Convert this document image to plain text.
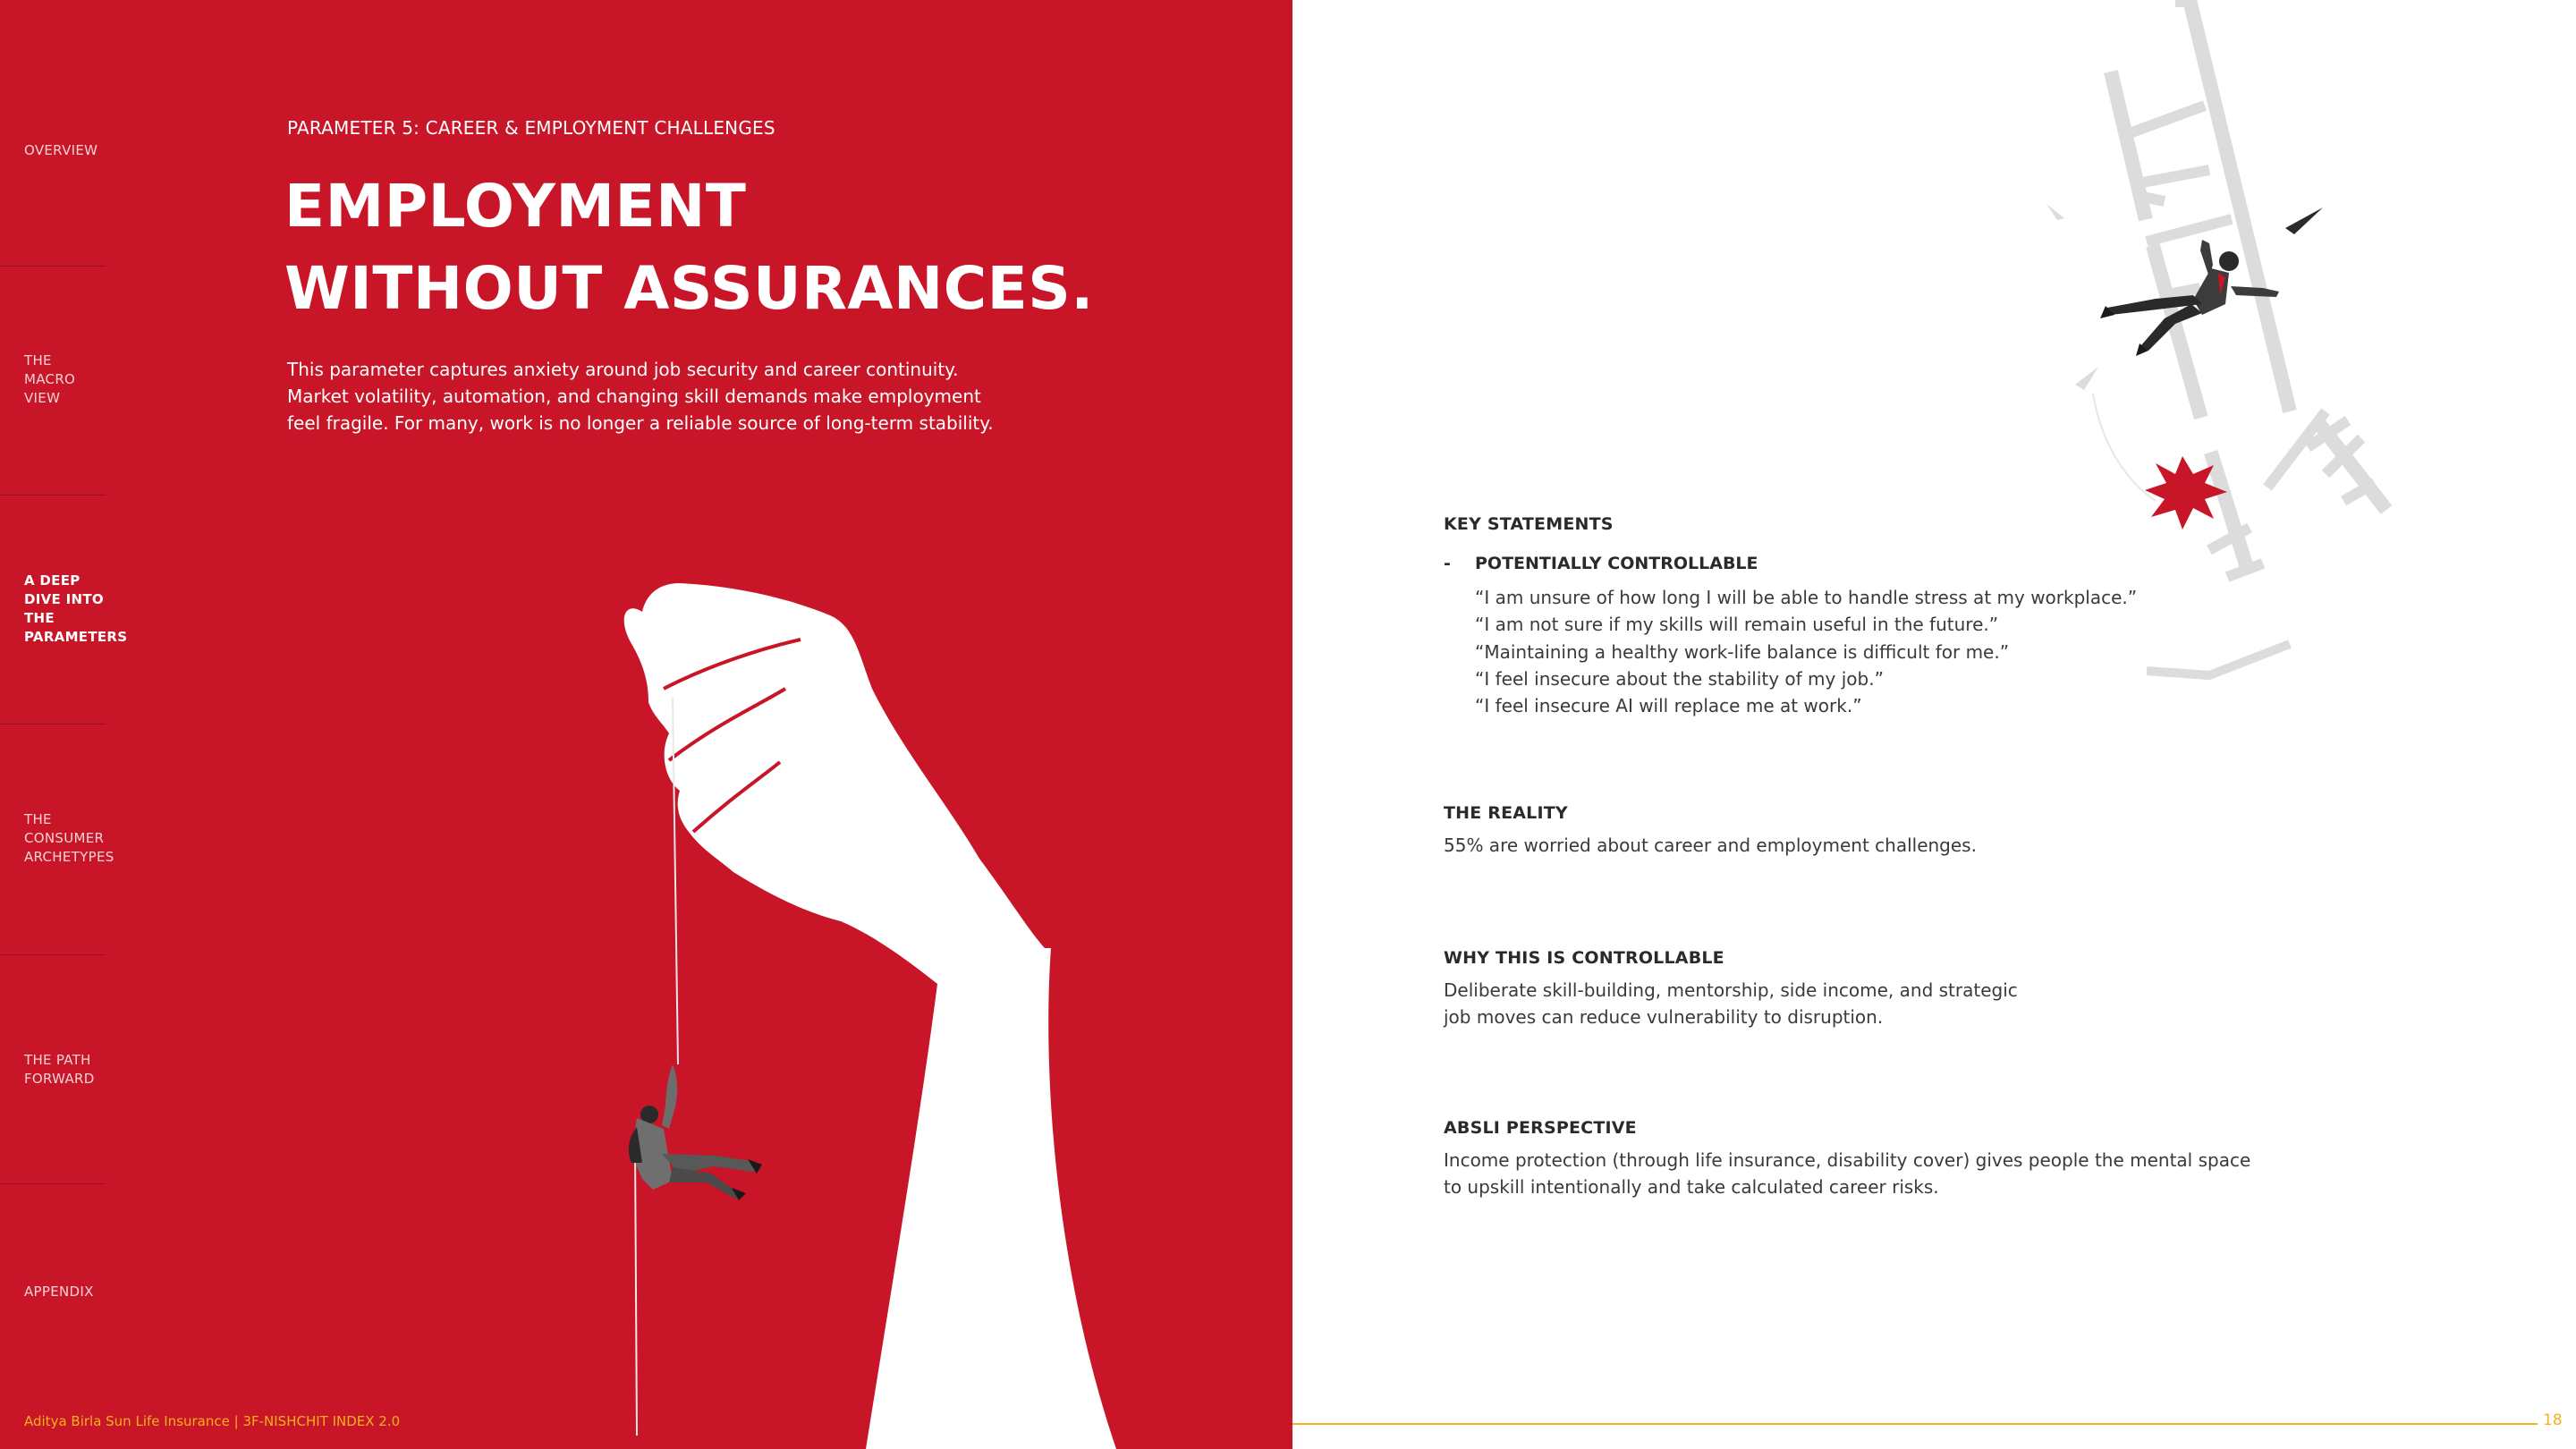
OVERVIEW
THE
MACRO
VIEW
A DEEP
DIVE INTO
THE
PARAMETERS
THE
CONSUMER
ARCHETYPES
THE PATH
FORWARD
APPENDIX
PARAMETER 5: CAREER & EMPLOYMENT CHALLENGES
EMPLOYMENT
WITHOUT ASSURANCES.
This parameter captures anxiety around job security and career continuity.
Market volatility, automation, and changing skill demands make employment
feel fragile. For many, work is no longer a reliable source of long-term stability.
Aditya Birla Sun Life Insurance | 3F-NISHCHIT INDEX 2.0
KEY STATEMENTS
- POTENTIALLY CONTROLLABLE
“I am unsure of how long I will be able to handle stress at my workplace.”
“I am not sure if my skills will remain useful in the future.”
“Maintaining a healthy work-life balance is difficult for me.”
“I feel insecure about the stability of my job.”
“I feel insecure AI will replace me at work.”
THE REALITY
55% are worried about career and employment challenges.
WHY THIS IS CONTROLLABLE
Deliberate skill-building, mentorship, side income, and strategic
job moves can reduce vulnerability to disruption.
ABSLI PERSPECTIVE
Income protection (through life insurance, disability cover) gives people the mental space
to upskill intentionally and take calculated career risks.
18
